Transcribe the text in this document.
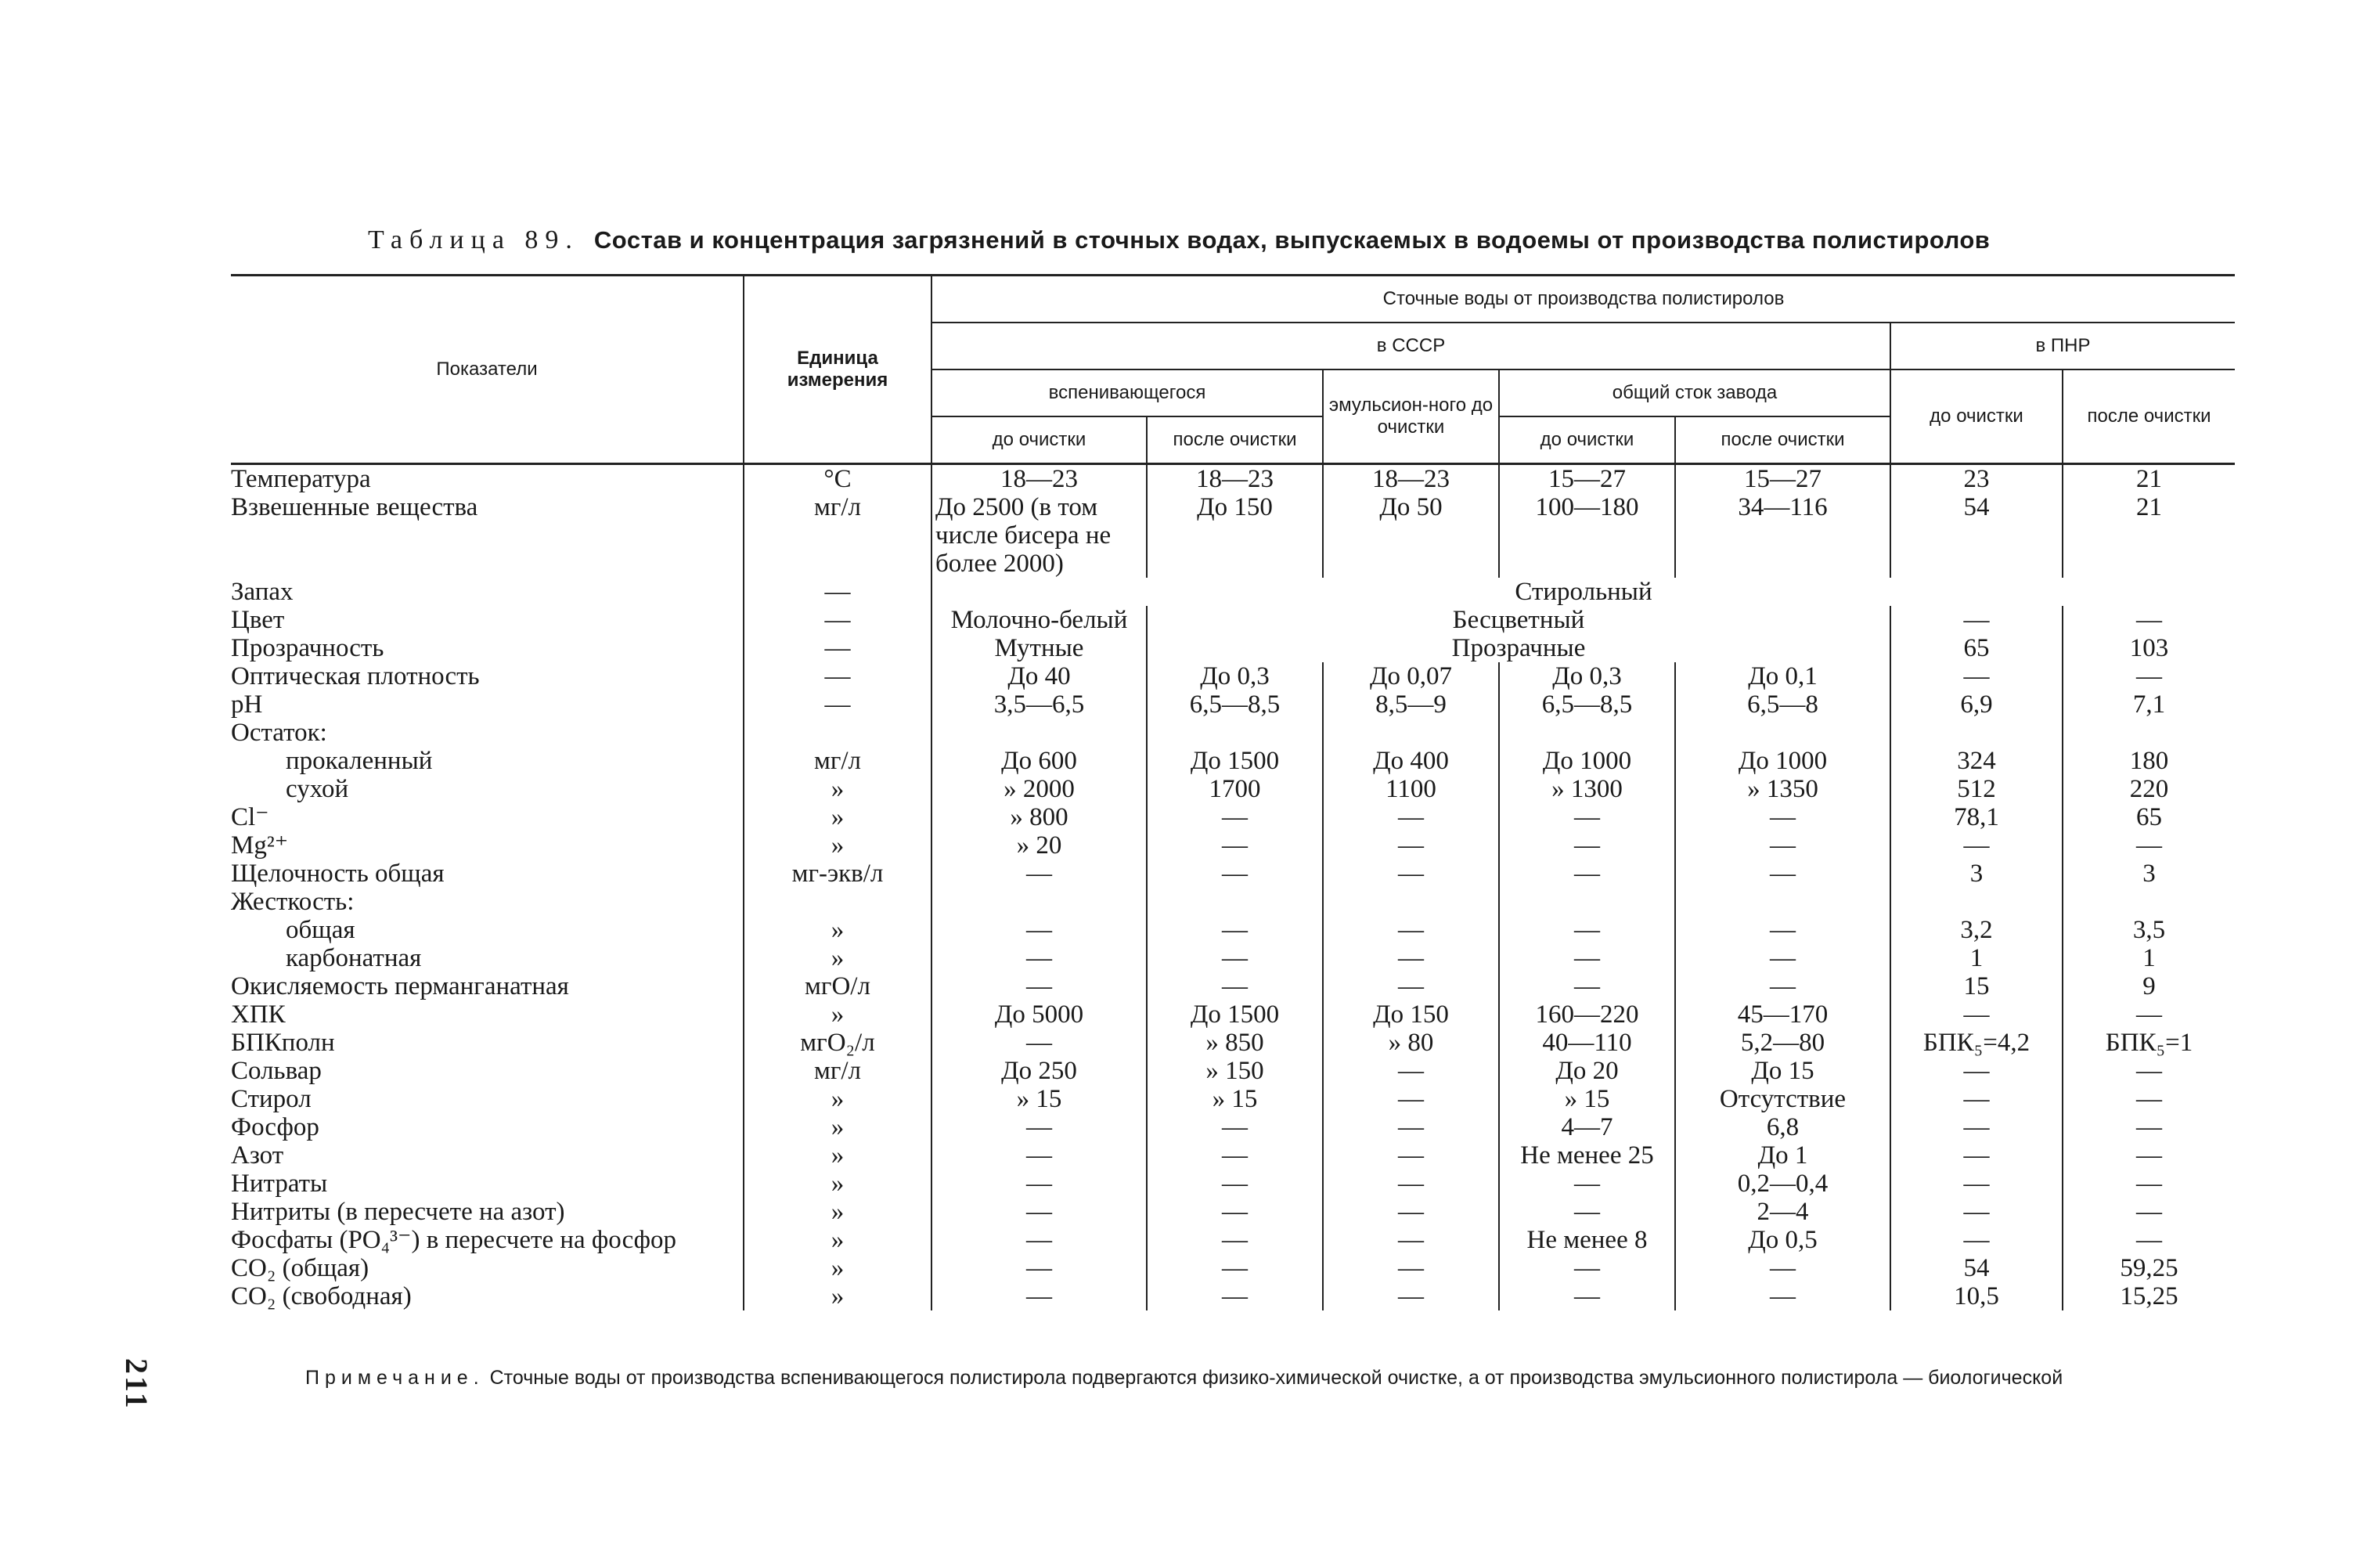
Таблица 89. Состав и концентрация загрязнений в сточных водах, выпускаемых в водоемы от производства полистиролов
Показатели	Единица измерения	Сточные воды от производства полистиролов						
		в СССР					в ПНР	
		вспенивающегося		эмульсион-ного до очистки	общий сток завода		до очистки	после очистки
		до очистки	после очистки		до очистки	после очистки		
Температура	°С	18—23	18—23	18—23	15—27	15—27	23	21
Взвешенные вещества	мг/л	До 2500 (в том числе бисера не более 2000)	До 150	До 50	100—180	34—116	54	21
Запах	—	Стирольный						
Цвет	—	Молочно-белый	Бесцветный				—	—
Прозрачность	—	Мутные	Прозрачные				65	103
Оптическая плотность	—	До 40	До 0,3	До 0,07	До 0,3	До 0,1	—	—
pH	—	3,5—6,5	6,5—8,5	8,5—9	6,5—8,5	6,5—8	6,9	7,1
Остаток:								
прокаленный	мг/л	До 600	До 1500	До 400	До 1000	До 1000	324	180
сухой	»	» 2000	1700	1100	» 1300	» 1350	512	220
Cl⁻	»	» 800	—	—	—	—	78,1	65
Mg²⁺	»	» 20	—	—	—	—	—	—
Щелочность общая	мг-экв/л	—	—	—	—	—	3	3
Жесткость:								
общая	»	—	—	—	—	—	3,2	3,5
карбонатная	»	—	—	—	—	—	1	1
Окисляемость перманганатная	мгО/л	—	—	—	—	—	15	9
ХПК	»	До 5000	До 1500	До 150	160—220	45—170	—	—
БПКполн	мгО₂/л	—	» 850	» 80	40—110	5,2—80	БПК₅=4,2	БПК₅=1
Сольвар	мг/л	До 250	» 150	—	До 20	До 15	—	—
Стирол	»	» 15	» 15	—	» 15	Отсутствие	—	—
Фосфор	»	—	—	—	4—7	6,8	—	—
Азот	»	—	—	—	Не менее 25	До 1	—	—
Нитраты	»	—	—	—	—	0,2—0,4	—	—
Нитриты (в пересчете на азот)	»	—	—	—	—	2—4	—	—
Фосфаты (PO₄³⁻) в пересчете на фосфор	»	—	—	—	Не менее 8	До 0,5	—	—
CO₂ (общая)	»	—	—	—	—	—	54	59,25
CO₂ (свободная)	»	—	—	—	—	—	10,5	15,25
Примечание. Сточные воды от производства вспенивающегося полистирола подвергаются физико-химической очистке, а от производства эмульсионного полистирола — биологической
211
